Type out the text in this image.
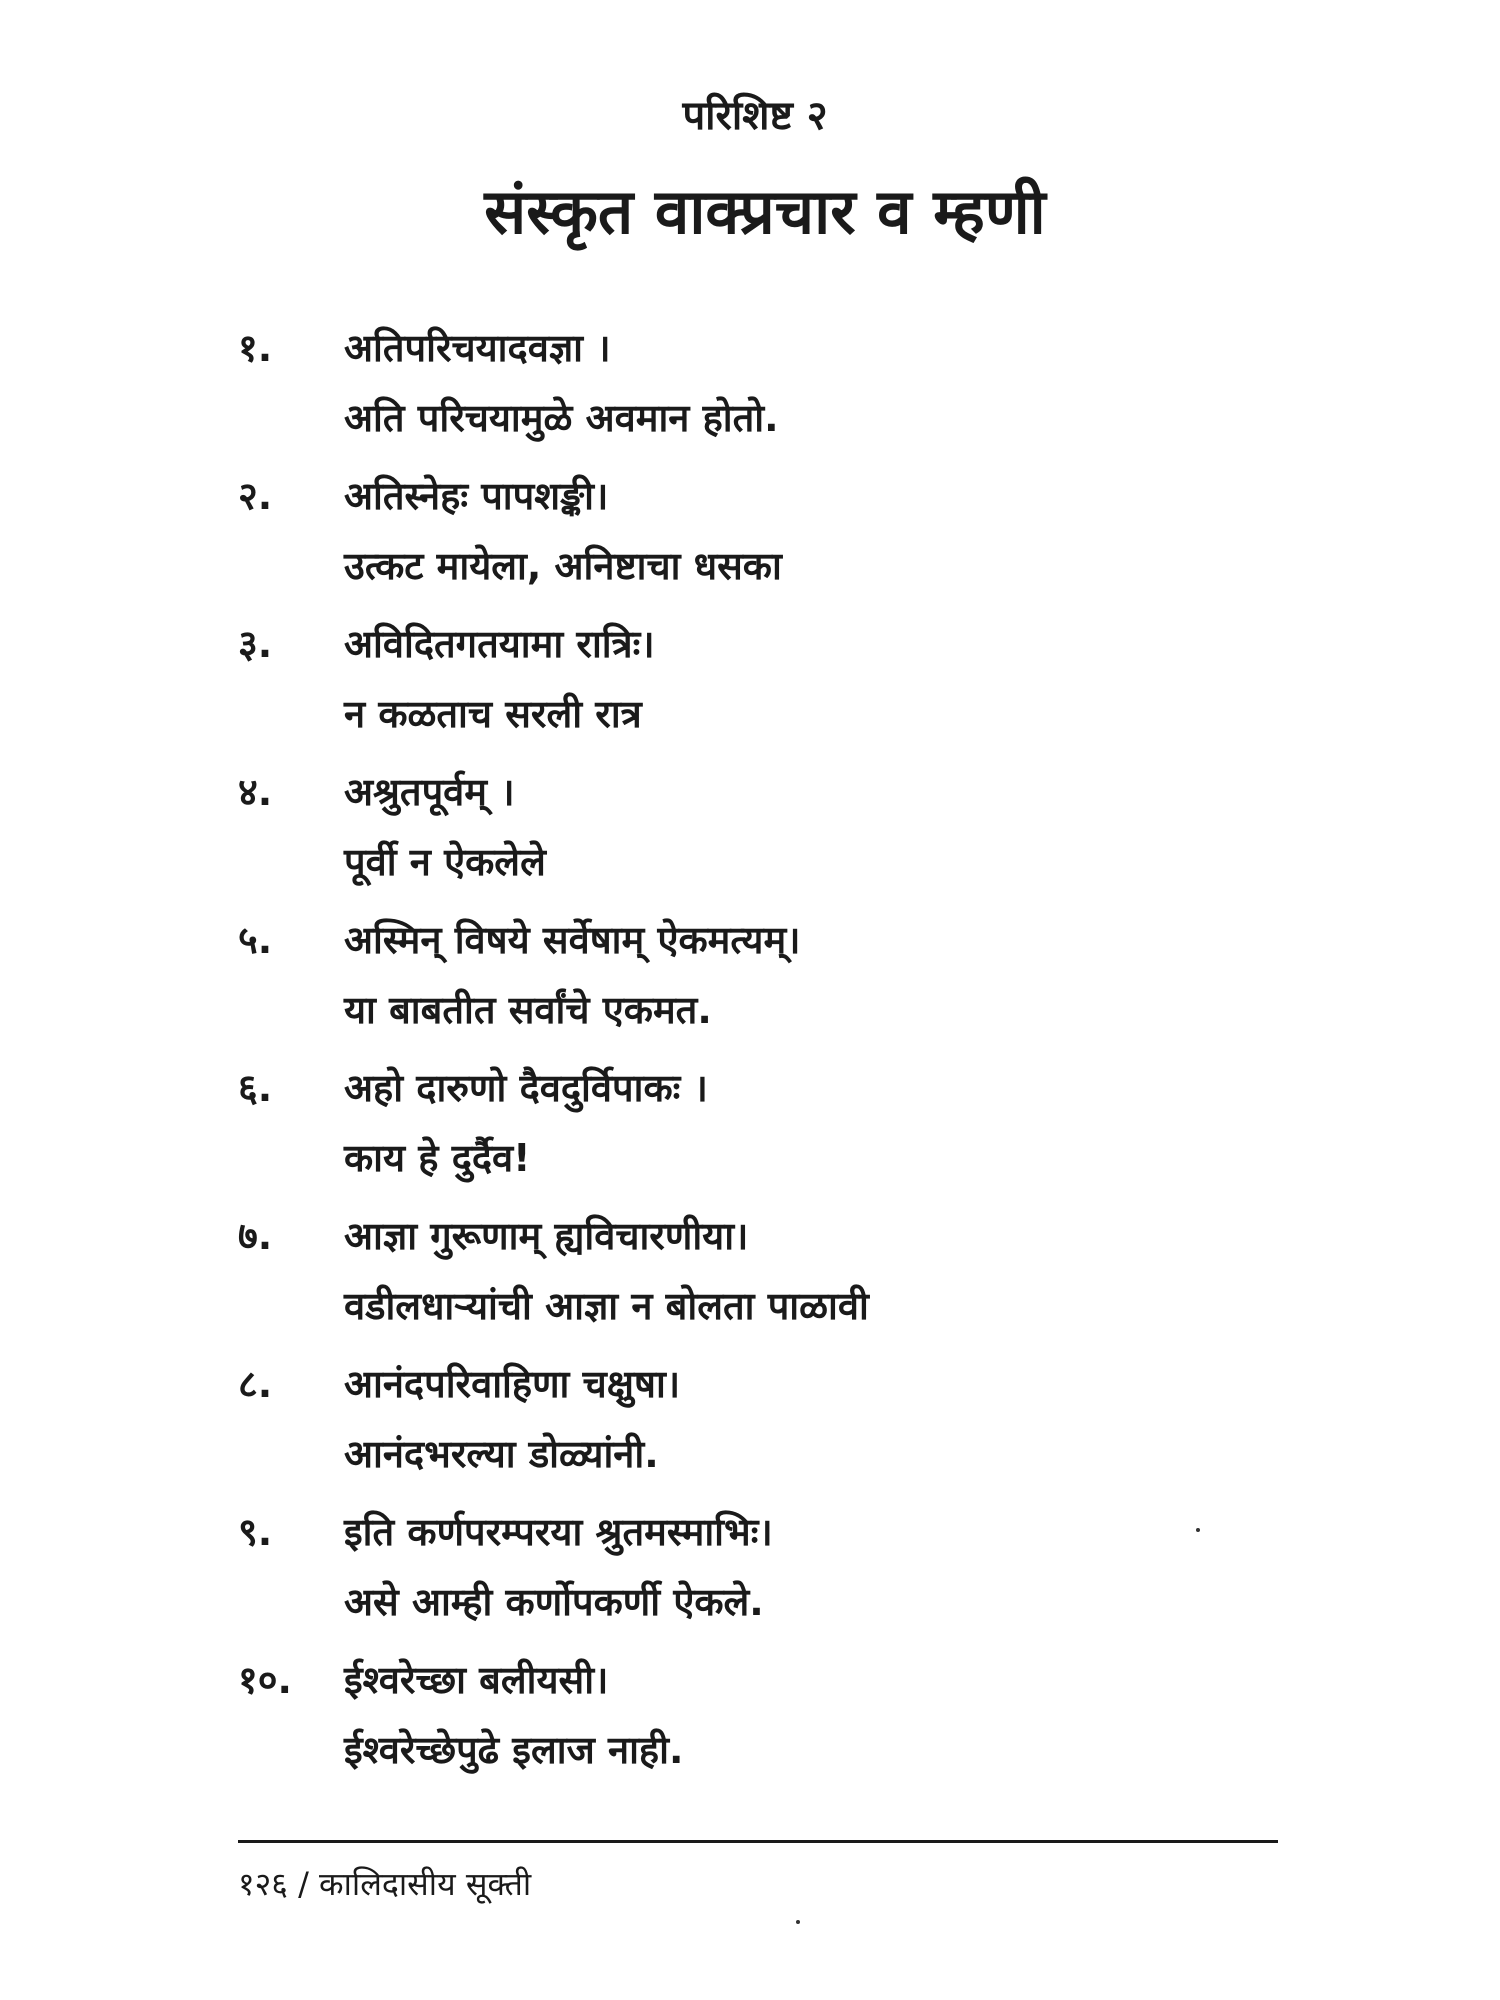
परिशिष्ट २
संस्कृत वाक्प्रचार व म्हणी
१.	अतिपरिचयादवज्ञा ।
अति परिचयामुळे अवमान होतो.
२.	अतिस्नेहः पापशङ्की।
उत्कट मायेला, अनिष्टाचा धसका
३.	अविदितगतयामा रात्रिः।
न कळताच सरली रात्र
४.	अश्रुतपूर्वम् ।
पूर्वी न ऐकलेले
५.	अस्मिन् विषये सर्वेषाम् ऐकमत्यम्।
या बाबतीत सर्वांचे एकमत.
६.	अहो दारुणो दैवदुर्विपाकः ।
काय हे दुर्दैव!
७.	आज्ञा गुरूणाम् ह्यविचारणीया।
वडीलधाऱ्यांची आज्ञा न बोलता पाळावी
८.	आनंदपरिवाहिणा चक्षुषा।
आनंदभरल्या डोळ्यांनी.
९.	इति कर्णपरम्परया श्रुतमस्माभिः।
असे आम्ही कर्णोपकर्णी ऐकले.
१०.	ईश्वरेच्छा बलीयसी।
ईश्वरेच्छेपुढे इलाज नाही.
१२६ / कालिदासीय सूक्ती
